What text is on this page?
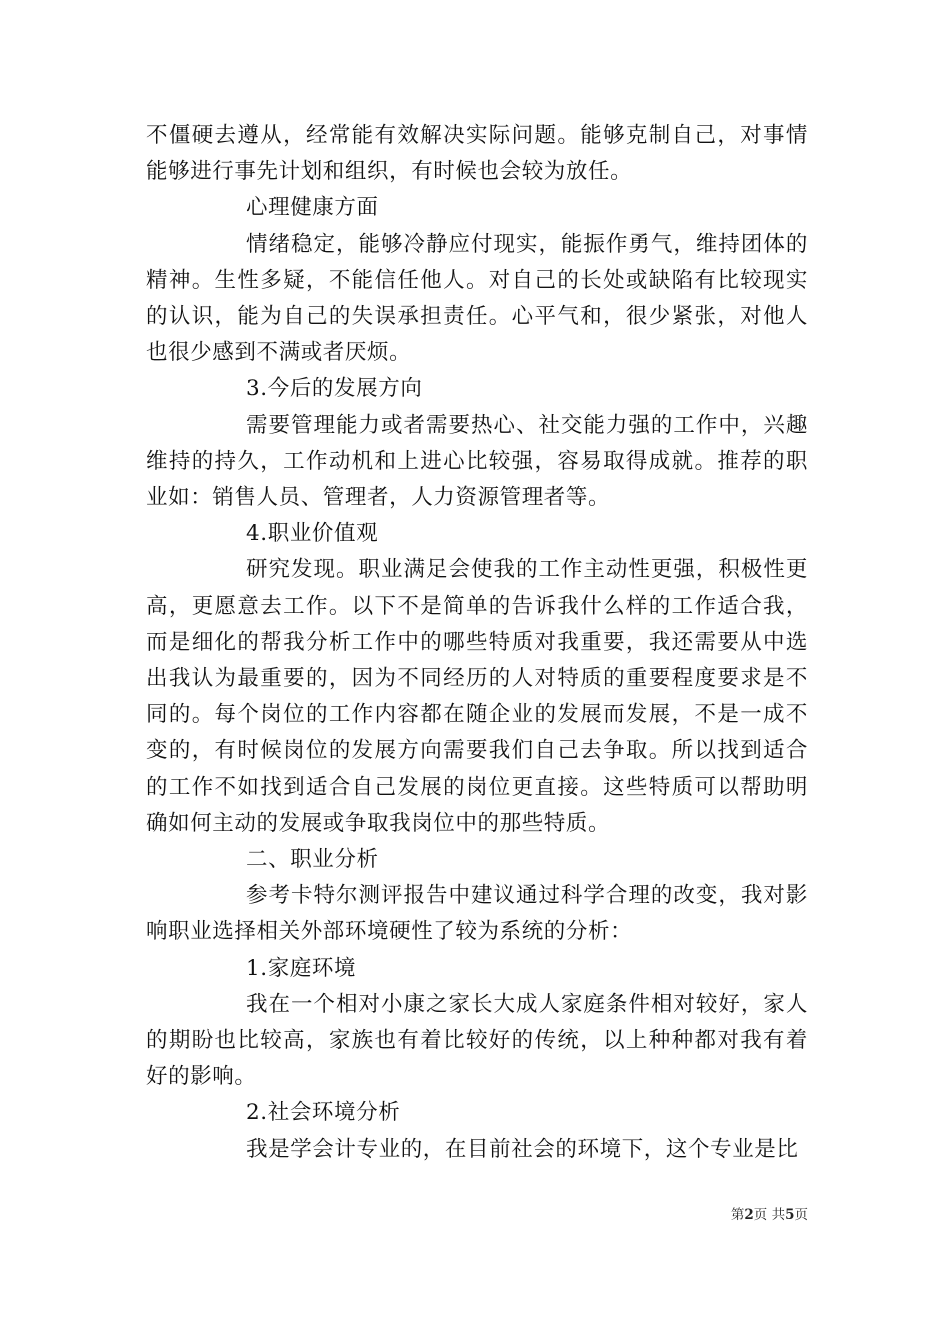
不僵硬去遵从，经常能有效解决实际问题。能够克制自己，对事情能够进行事先计划和组织，有时候也会较为放任。

心理健康方面

情绪稳定，能够冷静应付现实，能振作勇气，维持团体的精神。生性多疑，不能信任他人。对自己的长处或缺陷有比较现实的认识，能为自己的失误承担责任。心平气和，很少紧张，对他人也很少感到不满或者厌烦。

3.今后的发展方向

需要管理能力或者需要热心、社交能力强的工作中，兴趣维持的持久，工作动机和上进心比较强，容易取得成就。推荐的职业如：销售人员、管理者，人力资源管理者等。

4.职业价值观

研究发现。职业满足会使我的工作主动性更强，积极性更高，更愿意去工作。以下不是简单的告诉我什么样的工作适合我，而是细化的帮我分析工作中的哪些特质对我重要，我还需要从中选出我认为最重要的，因为不同经历的人对特质的重要程度要求是不同的。每个岗位的工作内容都在随企业的发展而发展，不是一成不变的，有时候岗位的发展方向需要我们自己去争取。所以找到适合的工作不如找到适合自己发展的岗位更直接。这些特质可以帮助明确如何主动的发展或争取我岗位中的那些特质。

二、职业分析

参考卡特尔测评报告中建议通过科学合理的改变，我对影响职业选择相关外部环境硬性了较为系统的分析：

1.家庭环境

我在一个相对小康之家长大成人家庭条件相对较好，家人的期盼也比较高，家族也有着比较好的传统，以上种种都对我有着好的影响。

2.社会环境分析

我是学会计专业的，在目前社会的环境下，这个专业是比

第2页 共5页
